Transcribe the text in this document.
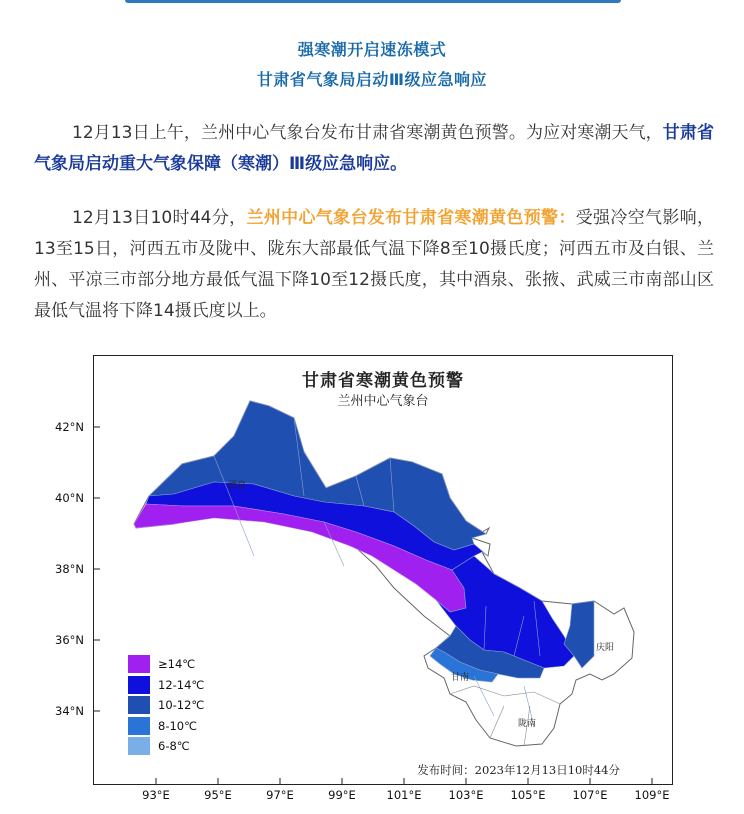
强寒潮开启速冻模式
甘肃省气象局启动Ⅲ级应急响应
12月13日上午，兰州中心气象台发布甘肃省寒潮黄色预警。为应对寒潮天气，甘肃省气象局启动重大气象保障（寒潮）Ⅲ级应急响应。
12月13日10时44分，兰州中心气象台发布甘肃省寒潮黄色预警：受强冷空气影响，13至15日，河西五市及陇中、陇东大部最低气温下降8至10摄氏度；河西五市及白银、兰州、平凉三市部分地方最低气温下降10至12摄氏度，其中酒泉、张掖、武威三市南部山区最低气温将下降14摄氏度以上。
甘肃省寒潮黄色预警
兰州中心气象台
酒泉
庆阳
甘南
陇南
42°N
40°N
38°N
36°N
34°N
93°E	95°E	97°E	99°E	101°E	103°E	105°E	107°E	109°E
≥14℃
12-14℃
10-12℃
8-10℃
6-8℃
发布时间：2023年12月13日10时44分
